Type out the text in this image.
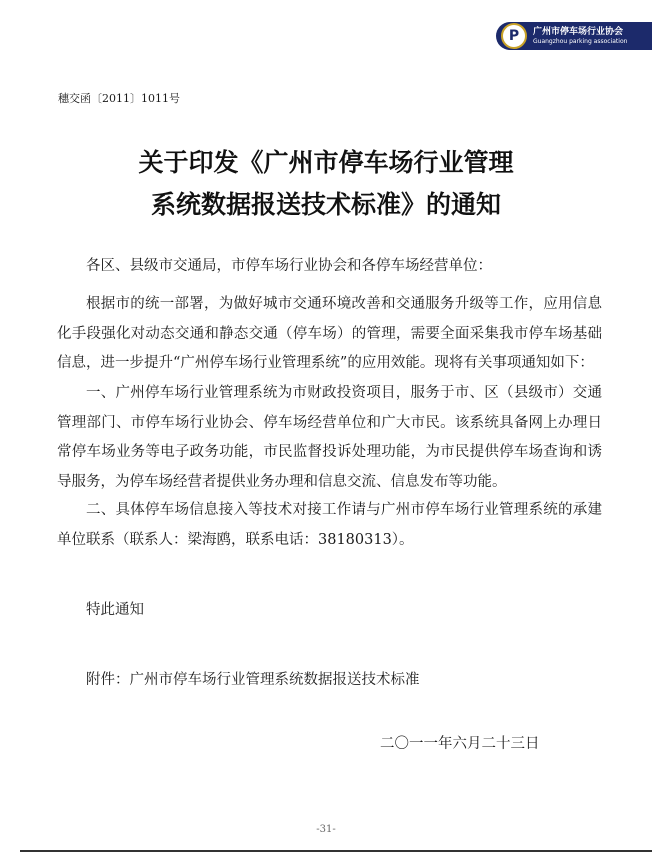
P 广州市停车场行业协会
Guangzhou parking association
穗交函〔2011〕1011号
关于印发《广州市停车场行业管理
系统数据报送技术标准》的通知

各区、县级市交通局，市停车场行业协会和各停车场经营单位：

根据市的统一部署，为做好城市交通环境改善和交通服务升级等工作，应用信息化手段强化对动态交通和静态交通（停车场）的管理，需要全面采集我市停车场基础信息，进一步提升“广州停车场行业管理系统”的应用效能。现将有关事项通知如下：

一、广州停车场行业管理系统为市财政投资项目，服务于市、区（县级市）交通管理部门、市停车场行业协会、停车场经营单位和广大市民。该系统具备网上办理日常停车场业务等电子政务功能，市民监督投诉处理功能，为市民提供停车场查询和诱导服务，为停车场经营者提供业务办理和信息交流、信息发布等功能。

二、具体停车场信息接入等技术对接工作请与广州市停车场行业管理系统的承建单位联系（联系人：梁海鸥，联系电话：38180313）。

特此通知

附件：广州市停车场行业管理系统数据报送技术标准

二〇一一年六月二十三日

-31-
